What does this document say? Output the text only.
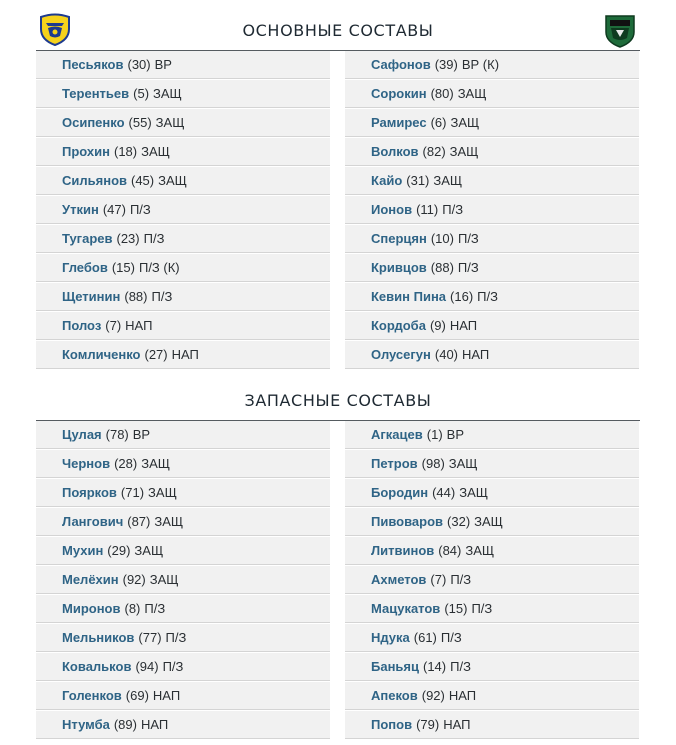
ОСНОВНЫЕ СОСТАВЫ
Песьяков (30) ВР
Терентьев (5) ЗАЩ
Осипенко (55) ЗАЩ
Прохин (18) ЗАЩ
Сильянов (45) ЗАЩ
Уткин (47) П/З
Тугарев (23) П/З
Глебов (15) П/З (К)
Щетинин (88) П/З
Полоз (7) НАП
Комличенко (27) НАП
Сафонов (39) ВР (К)
Сорокин (80) ЗАЩ
Рамирес (6) ЗАЩ
Волков (82) ЗАЩ
Кайо (31) ЗАЩ
Ионов (11) П/З
Сперцян (10) П/З
Кривцов (88) П/З
Кевин Пина (16) П/З
Кордоба (9) НАП
Олусегун (40) НАП
ЗАПАСНЫЕ СОСТАВЫ
Цулая (78) ВР
Чернов (28) ЗАЩ
Поярков (71) ЗАЩ
Лангович (87) ЗАЩ
Мухин (29) ЗАЩ
Мелёхин (92) ЗАЩ
Миронов (8) П/З
Мельников (77) П/З
Ковальков (94) П/З
Голенков (69) НАП
Нтумба (89) НАП
Агкацев (1) ВР
Петров (98) ЗАЩ
Бородин (44) ЗАЩ
Пивоваров (32) ЗАЩ
Литвинов (84) ЗАЩ
Ахметов (7) П/З
Мацукатов (15) П/З
Ндука (61) П/З
Баньяц (14) П/З
Апеков (92) НАП
Попов (79) НАП
